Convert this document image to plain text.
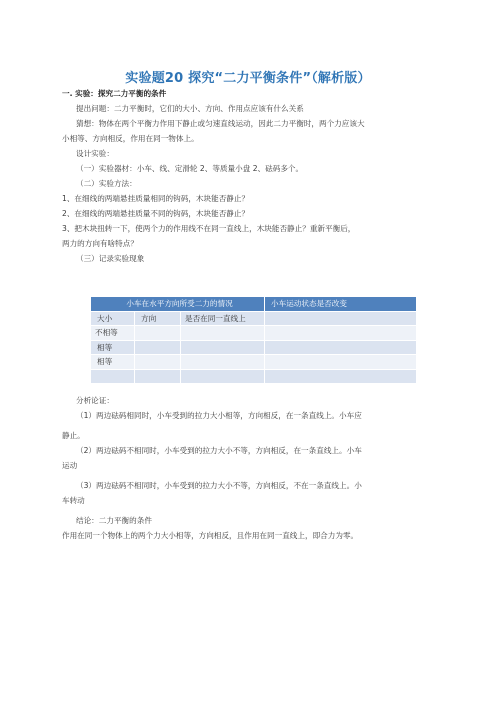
实验题20 探究“二力平衡条件”（解析版）
一. 实验：探究二力平衡的条件
提出问题：二力平衡时，它们的大小、方向、作用点应该有什么关系
猜想：物体在两个平衡力作用下静止或匀速直线运动，因此二力平衡时，两个力应该大
小相等、方向相反，作用在同一物体上。
设计实验：
（一）实验器材：小车、线、定滑轮 2、等质量小盘 2、砝码多个。
（二）实验方法：
1、在细线的两端悬挂质量相同的钩码，木块能否静止？
2、在细线的两端悬挂质量不同的钩码，木块能否静止？
3、把木块扭转一下，使两个力的作用线不在同一直线上，木块能否静止？重新平衡后，
两力的方向有啥特点？
（三）记录实验现象
小车在水平方向所受二力的情况			小车运动状态是否改变
大小	方向	是否在同一直线上	
不相等			
相等			
相等			

分析论证：
（1）两边砝码相同时，小车受到的拉力大小相等，方向相反，在一条直线上。小车应
静止。
（2）两边砝码不相同时，小车受到的拉力大小不等，方向相反，在一条直线上。小车
运动
（3）两边砝码不相同时，小车受到的拉力大小不等，方向相反，不在一条直线上。小
车转动
结论：二力平衡的条件
作用在同一个物体上的两个力大小相等，方向相反，且作用在同一直线上，即合力为零。
